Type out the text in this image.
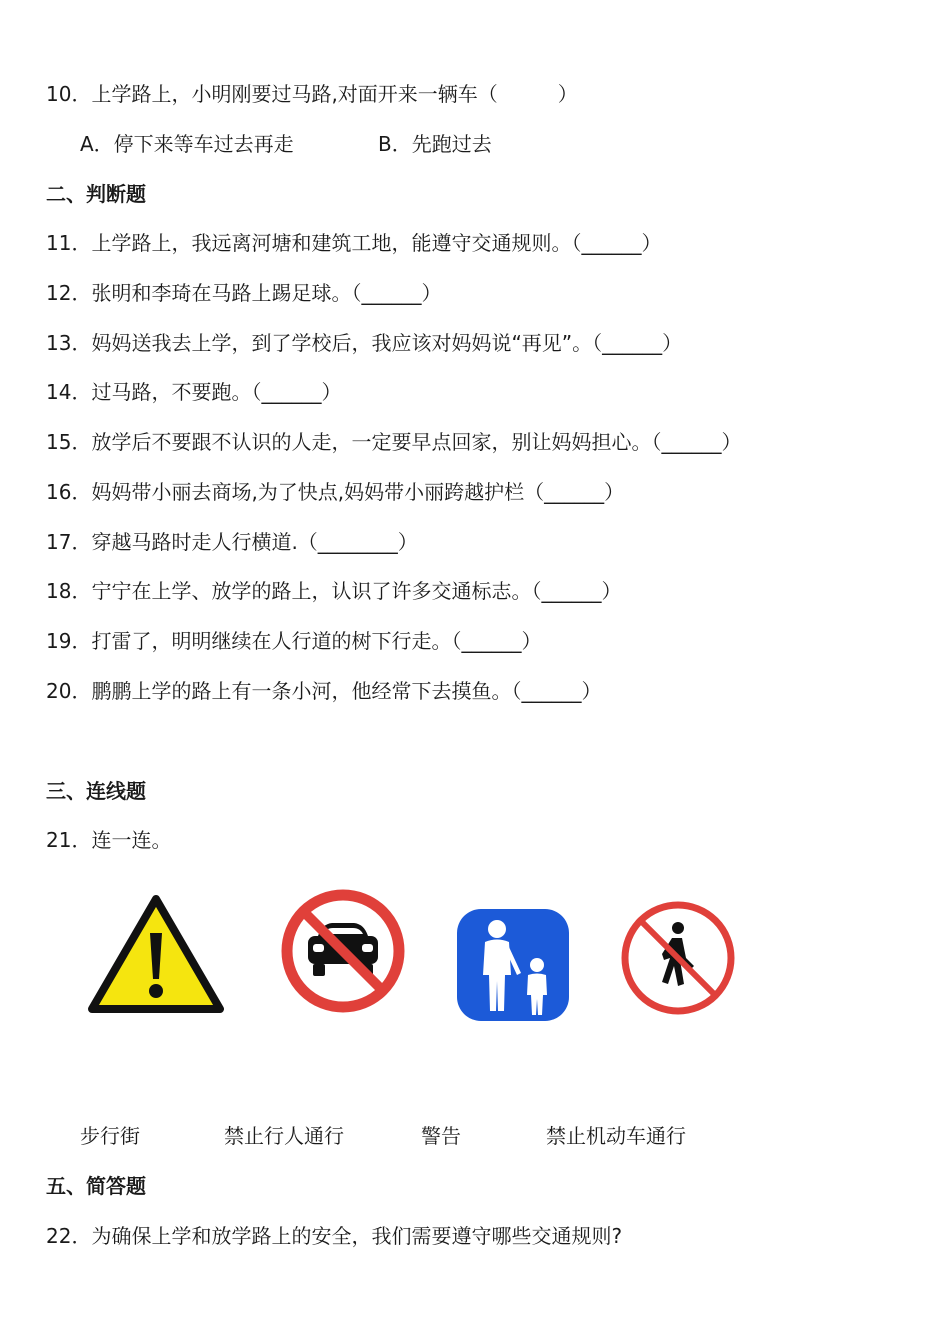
10．上学路上，小明刚要过马路,对面开来一辆车（　　　）
A．停下来等车过去再走	B．先跑过去
二、判断题
11．上学路上，我远离河塘和建筑工地，能遵守交通规则。（______）
12．张明和李琦在马路上踢足球。（______）
13．妈妈送我去上学，到了学校后，我应该对妈妈说“再见”。（______）
14．过马路，不要跑。（______）
15．放学后不要跟不认识的人走，一定要早点回家，别让妈妈担心。（______）
16．妈妈带小丽去商场,为了快点,妈妈带小丽跨越护栏（______）
17．穿越马路时走人行横道.（________）
18．宁宁在上学、放学的路上，认识了许多交通标志。（______）
19．打雷了，明明继续在人行道的树下行走。（______）
20．鹏鹏上学的路上有一条小河，他经常下去摸鱼。（______）
三、连线题
21．连一连。
步行街	禁止行人通行	警告	禁止机动车通行
五、简答题
22．为确保上学和放学路上的安全，我们需要遵守哪些交通规则?
